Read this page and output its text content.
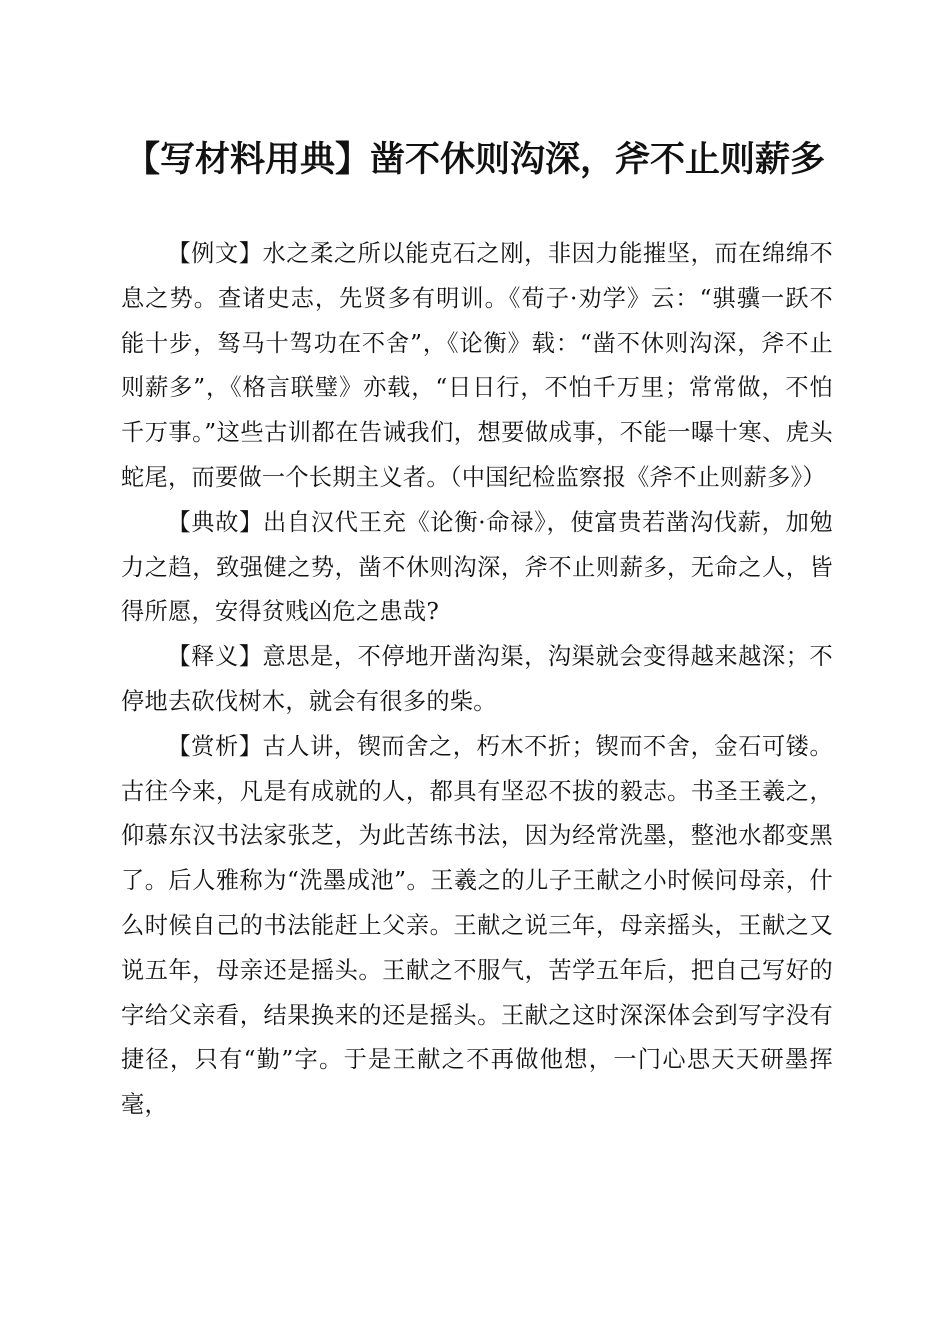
【写材料用典】凿不休则沟深，斧不止则薪多

【例文】水之柔之所以能克石之刚，非因力能摧坚，而在绵绵不息之势。查诸史志，先贤多有明训。《荀子·劝学》云：“骐骥一跃不能十步，驽马十驾功在不舍”，《论衡》载：“凿不休则沟深，斧不止则薪多”，《格言联璧》亦载，“日日行，不怕千万里；常常做，不怕千万事。”这些古训都在告诫我们，想要做成事，不能一曝十寒、虎头蛇尾，而要做一个长期主义者。（中国纪检监察报《斧不止则薪多》）

【典故】出自汉代王充《论衡·命禄》，使富贵若凿沟伐薪，加勉力之趋，致强健之势，凿不休则沟深，斧不止则薪多，无命之人，皆得所愿，安得贫贱凶危之患哉?

【释义】意思是，不停地开凿沟渠，沟渠就会变得越来越深；不停地去砍伐树木，就会有很多的柴。

【赏析】古人讲，锲而舍之，朽木不折；锲而不舍，金石可镂。古往今来，凡是有成就的人，都具有坚忍不拔的毅志。书圣王羲之，仰慕东汉书法家张芝，为此苦练书法，因为经常洗墨，整池水都变黑了。后人雅称为“洗墨成池”。王羲之的儿子王献之小时候问母亲，什么时候自己的书法能赶上父亲。王献之说三年，母亲摇头，王献之又说五年，母亲还是摇头。王献之不服气，苦学五年后，把自己写好的字给父亲看，结果换来的还是摇头。王献之这时深深体会到写字没有捷径，只有“勤”字。于是王献之不再做他想，一门心思天天研墨挥毫，
